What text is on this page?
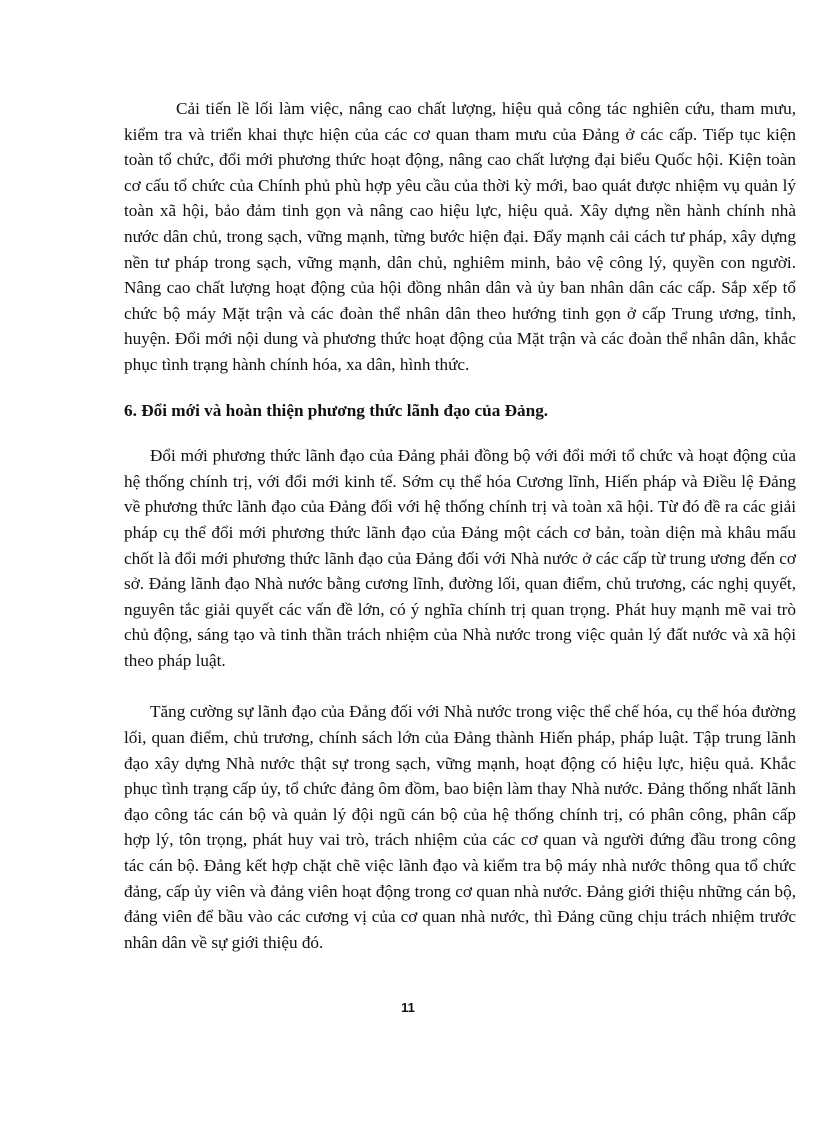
Cải tiến lề lối làm việc, nâng cao chất lượng, hiệu quả công tác nghiên cứu, tham mưu, kiểm tra và triển khai thực hiện của các cơ quan tham mưu của Đảng ở các cấp. Tiếp tục kiện toàn tổ chức, đổi mới phương thức hoạt động, nâng cao chất lượng đại biểu Quốc hội. Kiện toàn cơ cấu tổ chức của Chính phủ phù hợp yêu cầu của thời kỳ mới, bao quát được nhiệm vụ quản lý toàn xã hội, bảo đảm tinh gọn và nâng cao hiệu lực, hiệu quả. Xây dựng nền hành chính nhà nước dân chủ, trong sạch, vững mạnh, từng bước hiện đại. Đẩy mạnh cải cách tư pháp, xây dựng nền tư pháp trong sạch, vững mạnh, dân chủ, nghiêm minh, bảo vệ công lý, quyền con người. Nâng cao chất lượng hoạt động của hội đồng nhân dân và ủy ban nhân dân các cấp. Sắp xếp tổ chức bộ máy Mặt trận và các đoàn thể nhân dân theo hướng tinh gọn ở cấp Trung ương, tỉnh, huyện. Đổi mới nội dung và phương thức hoạt động của Mặt trận và các đoàn thể nhân dân, khắc phục tình trạng hành chính hóa, xa dân, hình thức.

6. Đổi mới và hoàn thiện phương thức lãnh đạo của Đảng.

Đổi mới phương thức lãnh đạo của Đảng phải đồng bộ với đổi mới tổ chức và hoạt động của hệ thống chính trị, với đổi mới kinh tế. Sớm cụ thể hóa Cương lĩnh, Hiến pháp và Điều lệ Đảng về phương thức lãnh đạo của Đảng đối với hệ thống chính trị và toàn xã hội. Từ đó đề ra các giải pháp cụ thể đổi mới phương thức lãnh đạo của Đảng một cách cơ bản, toàn diện mà khâu mấu chốt là đổi mới phương thức lãnh đạo của Đảng đối với Nhà nước ở các cấp từ trung ương đến cơ sở. Đảng lãnh đạo Nhà nước bằng cương lĩnh, đường lối, quan điểm, chủ trương, các nghị quyết, nguyên tắc giải quyết các vấn đề lớn, có ý nghĩa chính trị quan trọng. Phát huy mạnh mẽ vai trò chủ động, sáng tạo và tinh thần trách nhiệm của Nhà nước trong việc quản lý đất nước và xã hội theo pháp luật.

Tăng cường sự lãnh đạo của Đảng đối với Nhà nước trong việc thể chế hóa, cụ thể hóa đường lối, quan điểm, chủ trương, chính sách lớn của Đảng thành Hiến pháp, pháp luật. Tập trung lãnh đạo xây dựng Nhà nước thật sự trong sạch, vững mạnh, hoạt động có hiệu lực, hiệu quả. Khắc phục tình trạng cấp ủy, tổ chức đảng ôm đồm, bao biện làm thay Nhà nước. Đảng thống nhất lãnh đạo công tác cán bộ và quản lý đội ngũ cán bộ của hệ thống chính trị, có phân công, phân cấp hợp lý, tôn trọng, phát huy vai trò, trách nhiệm của các cơ quan và người đứng đầu trong công tác cán bộ. Đảng kết hợp chặt chẽ việc lãnh đạo và kiểm tra bộ máy nhà nước thông qua tổ chức đảng, cấp ủy viên và đảng viên hoạt động trong cơ quan nhà nước. Đảng giới thiệu những cán bộ, đảng viên để bầu vào các cương vị của cơ quan nhà nước, thì Đảng cũng chịu trách nhiệm trước nhân dân về sự giới thiệu đó.

11
